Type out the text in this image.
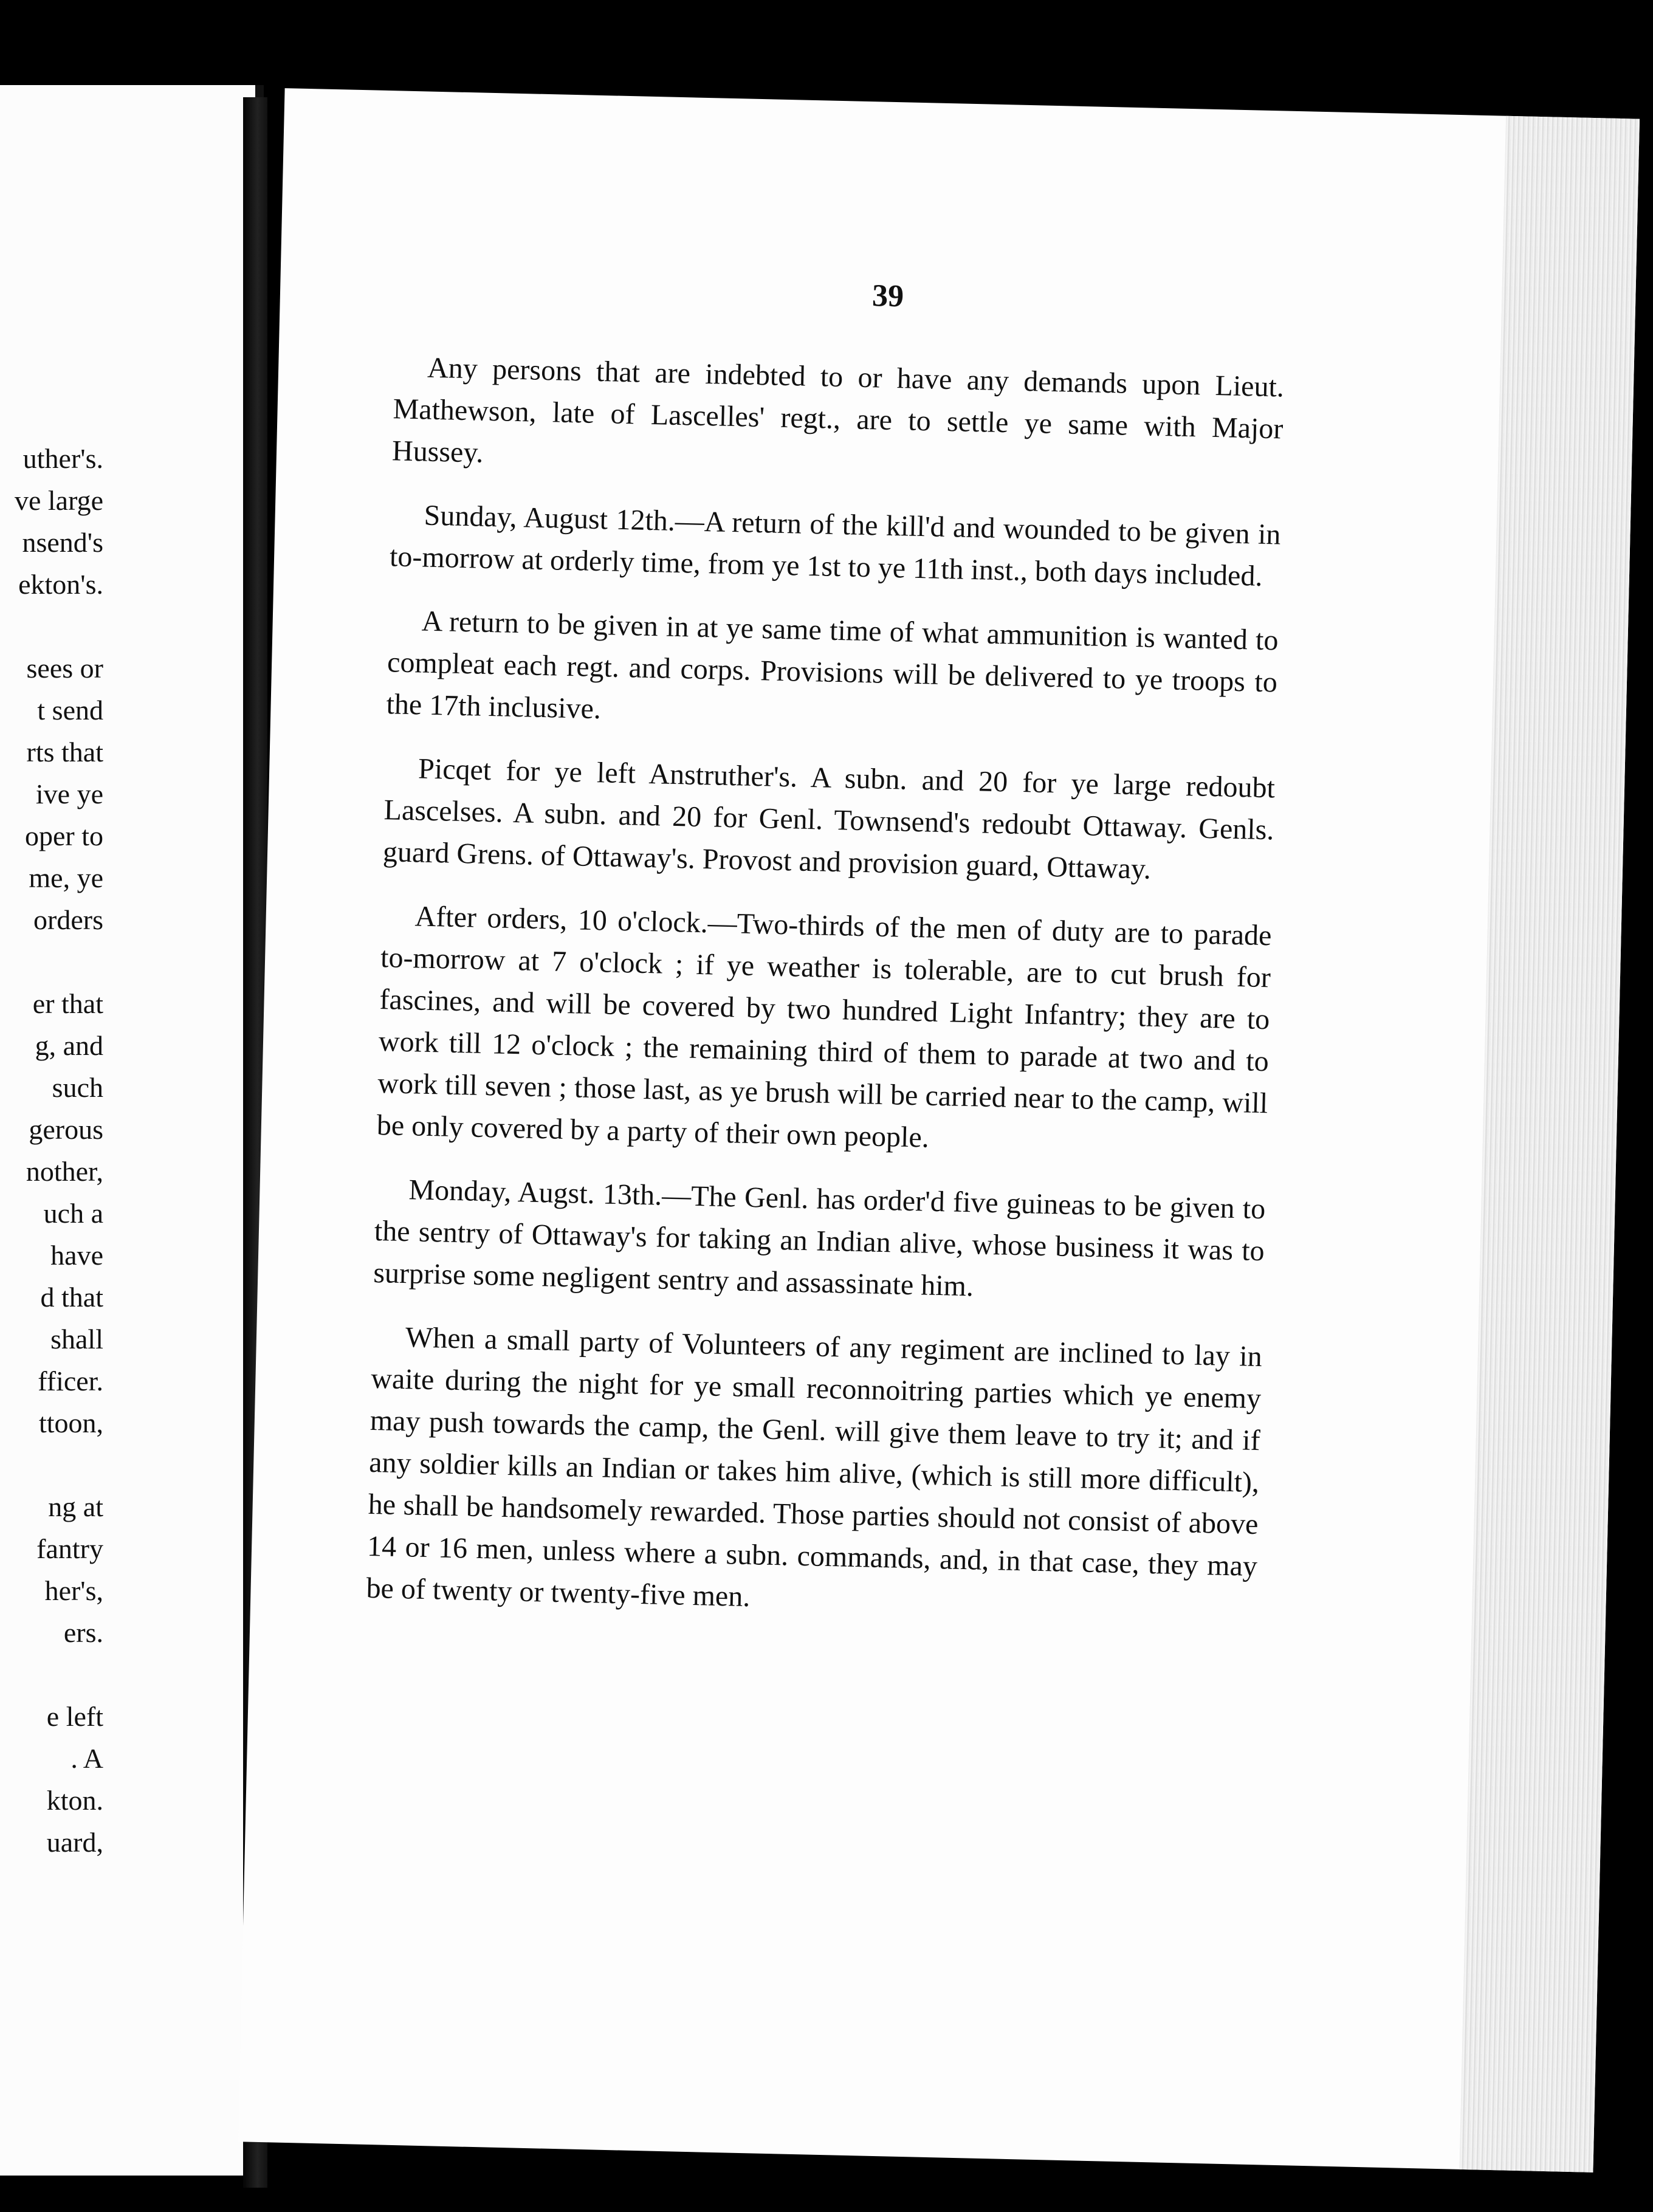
uther's.
ve large
nsend's
ekton's.
sees or
t send
rts that
ive ye
oper to
me, ye
orders
er that
g, and
such
gerous
nother,
uch a
have
d that
shall
fficer.
ttoon,
ng at
fantry
her's,
ers.
e left
. A
kton.
uard,
39

Any persons that are indebted to or have any demands upon Lieut. Mathewson, late of Lascelles' regt., are to settle ye same with Major Hussey.

Sunday, August 12th.—A return of the kill'd and wounded to be given in to-morrow at orderly time, from ye 1st to ye 11th inst., both days included.

A return to be given in at ye same time of what ammunition is wanted to compleat each regt. and corps. Provisions will be delivered to ye troops to the 17th inclusive.

Picqet for ye left Anstruther's. A subn. and 20 for ye large redoubt Lascelses. A subn. and 20 for Genl. Townsend's redoubt Ottaway. Genls. guard Grens. of Ottaway's. Provost and provision guard, Ottaway.

After orders, 10 o'clock.—Two-thirds of the men of duty are to parade to-morrow at 7 o'clock ; if ye weather is tolerable, are to cut brush for fascines, and will be covered by two hundred Light Infantry; they are to work till 12 o'clock ; the remaining third of them to parade at two and to work till seven ; those last, as ye brush will be carried near to the camp, will be only covered by a party of their own people.

Monday, Augst. 13th.—The Genl. has order'd five guineas to be given to the sentry of Ottaway's for taking an Indian alive, whose business it was to surprise some negligent sentry and assassinate him.

When a small party of Volunteers of any regiment are inclined to lay in waite during the night for ye small reconnoitring parties which ye enemy may push towards the camp, the Genl. will give them leave to try it; and if any soldier kills an Indian or takes him alive, (which is still more difficult), he shall be handsomely rewarded. Those parties should not consist of above 14 or 16 men, unless where a subn. commands, and, in that case, they may be of twenty or twenty-five men.
